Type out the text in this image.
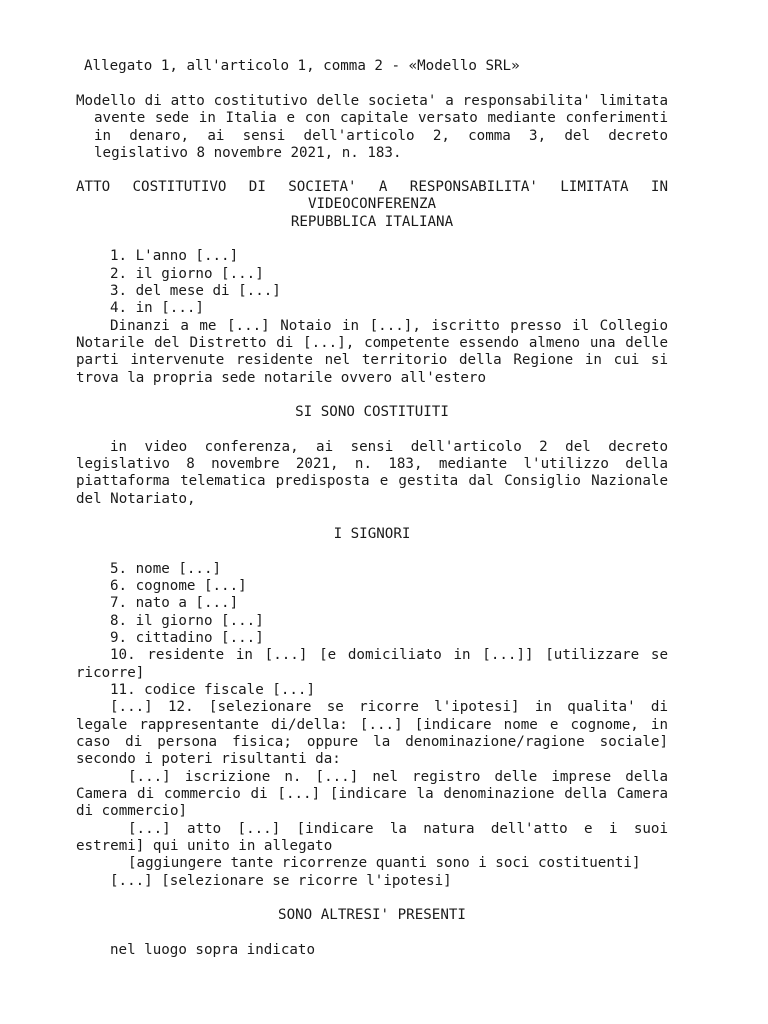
Allegato 1, all'articolo 1, comma 2 - «Modello SRL»
Modello di atto costitutivo delle societa' a responsabilita' limitata
avente sede in Italia e con capitale versato mediante conferimenti
in denaro, ai sensi dell'articolo 2, comma 3, del decreto
legislativo 8 novembre 2021, n. 183.
ATTO COSTITUTIVO DI SOCIETA' A RESPONSABILITA' LIMITATA IN
VIDEOCONFERENZA
REPUBBLICA ITALIANA
1. L'anno [...]
2. il giorno [...]
3. del mese di [...]
4. in [...]
Dinanzi a me [...] Notaio in [...], iscritto presso il Collegio
Notarile del Distretto di [...], competente essendo almeno una delle
parti intervenute residente nel territorio della Regione in cui si
trova la propria sede notarile ovvero all'estero
SI SONO COSTITUITI
in video conferenza, ai sensi dell'articolo 2 del decreto
legislativo 8 novembre 2021, n. 183, mediante l'utilizzo della
piattaforma telematica predisposta e gestita dal Consiglio Nazionale
del Notariato,
I SIGNORI
5. nome [...]
6. cognome [...]
7. nato a [...]
8. il giorno [...]
9. cittadino [...]
10. residente in [...] [e domiciliato in [...]] [utilizzare se
ricorre]
11. codice fiscale [...]
[...] 12. [selezionare se ricorre l'ipotesi] in qualita' di
legale rappresentante di/della: [...] [indicare nome e cognome, in
caso di persona fisica; oppure la denominazione/ragione sociale]
secondo i poteri risultanti da:
[...] iscrizione n. [...] nel registro delle imprese della
Camera di commercio di [...] [indicare la denominazione della Camera
di commercio]
[...] atto [...] [indicare la natura dell'atto e i suoi
estremi] qui unito in allegato
[aggiungere tante ricorrenze quanti sono i soci costituenti]
[...] [selezionare se ricorre l'ipotesi]
SONO ALTRESI' PRESENTI
nel luogo sopra indicato
